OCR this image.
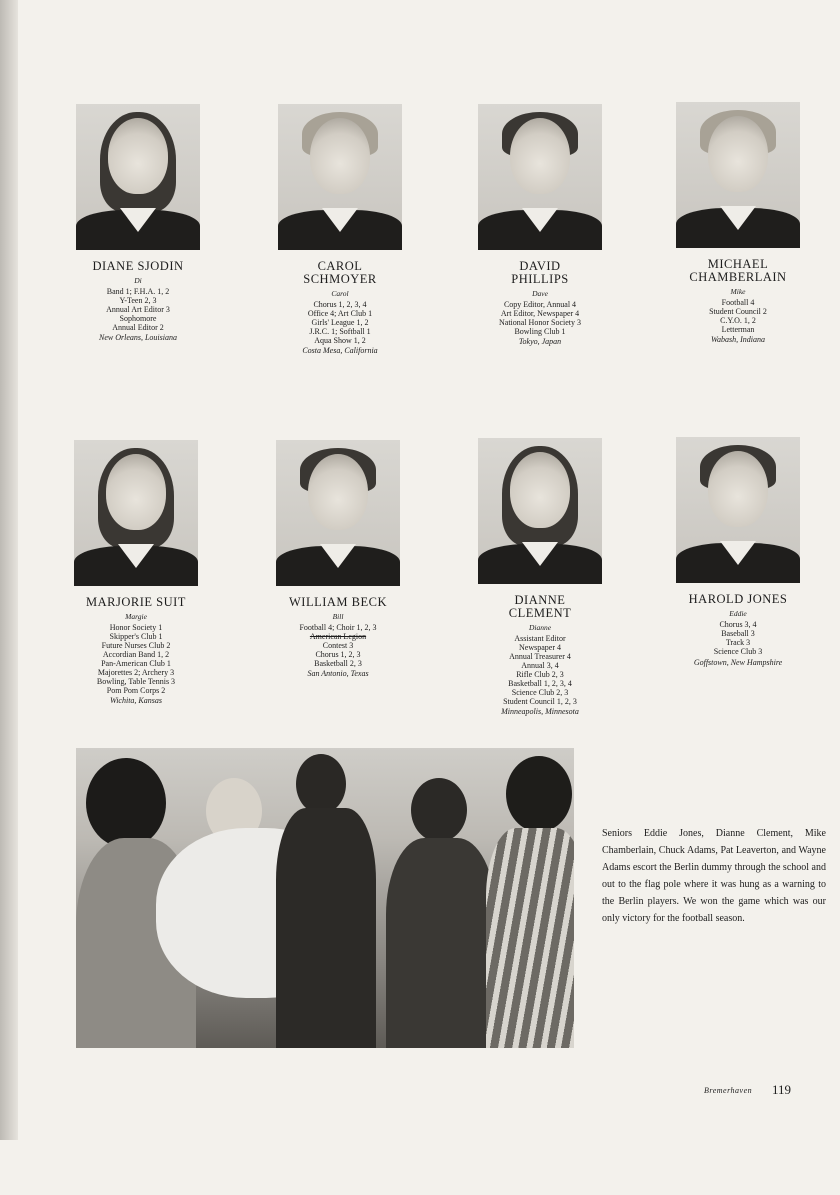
DIANE SJODIN
Di
Band 1; F.H.A. 1, 2
Y-Teen 2, 3
Annual Art Editor 3
Sophomore
Annual Editor 2
New Orleans, Louisiana
CAROL SCHMOYER
Carol
Chorus 1, 2, 3, 4
Office 4; Art Club 1
Girls' League 1, 2
J.R.C. 1; Softball 1
Aqua Show 1, 2
Costa Mesa, California
DAVID PHILLIPS
Dave
Copy Editor, Annual 4
Art Editor, Newspaper 4
National Honor Society 3
Bowling Club 1
Tokyo, Japan
MICHAEL CHAMBERLAIN
Mike
Football 4
Student Council 2
C.Y.O. 1, 2
Letterman
Wabash, Indiana
MARJORIE SUIT
Margie
Honor Society 1
Skipper's Club 1
Future Nurses Club 2
Accordian Band 1, 2
Pan-American Club 1
Majorettes 2; Archery 3
Bowling, Table Tennis 3
Pom Pom Corps 2
Wichita, Kansas
WILLIAM BECK
Bill
Football 4; Choir 1, 2, 3
American Legion
Contest 3
Chorus 1, 2, 3
Basketball 2, 3
San Antonio, Texas
DIANNE CLEMENT
Dianne
Assistant Editor
Newspaper 4
Annual Treasurer 4
Annual 3, 4
Rifle Club 2, 3
Basketball 1, 2, 3, 4
Science Club 2, 3
Student Council 1, 2, 3
Minneapolis, Minnesota
HAROLD JONES
Eddie
Chorus 3, 4
Baseball 3
Track 3
Science Club 3
Goffstown, New Hampshire
Seniors Eddie Jones, Dianne Clement, Mike Chamberlain, Chuck Adams, Pat Leaverton, and Wayne Adams escort the Berlin dummy through the school and out to the flag pole where it was hung as a warning to the Berlin players. We won the game which was our only victory for the football season.
Bremerhaven 119
